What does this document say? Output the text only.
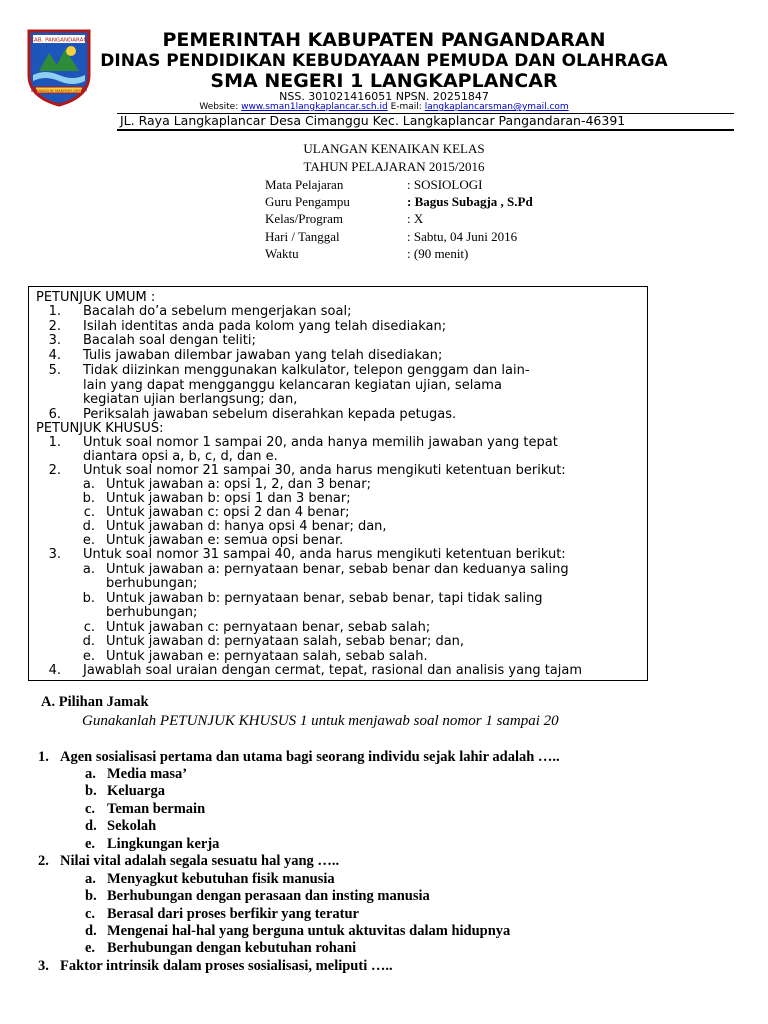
KAB. PANGANDARAN
DI WANGUN MAKMUR GEMAH
PEMERINTAH KABUPATEN PANGANDARAN
DINAS PENDIDIKAN KEBUDAYAAN PEMUDA DAN OLAHRAGA
SMA NEGERI 1 LANGKAPLANCAR
NSS. 301021416051 NPSN. 20251847
Website: www.sman1langkaplancar.sch.id E-mail: langkaplancarsman@ymail.com
JL. Raya Langkaplancar Desa Cimanggu Kec. Langkaplancar Pangandaran-46391
ULANGAN KENAIKAN KELAS
TAHUN PELAJARAN 2015/2016
Mata Pelajaran	: SOSIOLOGI
Guru Pengampu	: Bagus Subagja , S.Pd
Kelas/Program	: X
Hari / Tanggal	: Sabtu, 04 Juni 2016
Waktu	: (90 menit)
PETUNJUK UMUM :
1. Bacalah do’a sebelum mengerjakan soal;
2. Isilah identitas anda pada kolom yang telah disediakan;
3. Bacalah soal dengan teliti;
4. Tulis jawaban dilembar jawaban yang telah disediakan;
5. Tidak diizinkan menggunakan kalkulator, telepon genggam dan lain-
lain yang dapat mengganggu kelancaran kegiatan ujian, selama
kegiatan ujian berlangsung; dan,
6. Periksalah jawaban sebelum diserahkan kepada petugas.
PETUNJUK KHUSUS:
1. Untuk soal nomor 1 sampai 20, anda hanya memilih jawaban yang tepat
diantara opsi a, b, c, d, dan e.
2. Untuk soal nomor 21 sampai 30, anda harus mengikuti ketentuan berikut:
a. Untuk jawaban a: opsi 1, 2, dan 3 benar;
b. Untuk jawaban b: opsi 1 dan 3 benar;
c. Untuk jawaban c: opsi 2 dan 4 benar;
d. Untuk jawaban d: hanya opsi 4 benar; dan,
e. Untuk jawaban e: semua opsi benar.
3. Untuk soal nomor 31 sampai 40, anda harus mengikuti ketentuan berikut:
a. Untuk jawaban a: pernyataan benar, sebab benar dan keduanya saling
berhubungan;
b. Untuk jawaban b: pernyataan benar, sebab benar, tapi tidak saling
berhubungan;
c. Untuk jawaban c: pernyataan benar, sebab salah;
d. Untuk jawaban d: pernyataan salah, sebab benar; dan,
e. Untuk jawaban e: pernyataan salah, sebab salah.
4. Jawablah soal uraian dengan cermat, tepat, rasional dan analisis yang tajam
A. Pilihan Jamak
Gunakanlah PETUNJUK KHUSUS 1 untuk menjawab soal nomor 1 sampai 20
1. Agen sosialisasi pertama dan utama bagi seorang individu sejak lahir adalah …..
a. Media masa’
b. Keluarga
c. Teman bermain
d. Sekolah
e. Lingkungan kerja
2. Nilai vital adalah segala sesuatu hal yang …..
a. Menyagkut kebutuhan fisik manusia
b. Berhubungan dengan perasaan dan insting manusia
c. Berasal dari proses berfikir yang teratur
d. Mengenai hal-hal yang berguna untuk aktuvitas dalam hidupnya
e. Berhubungan dengan kebutuhan rohani
3. Faktor intrinsik dalam proses sosialisasi, meliputi …..
